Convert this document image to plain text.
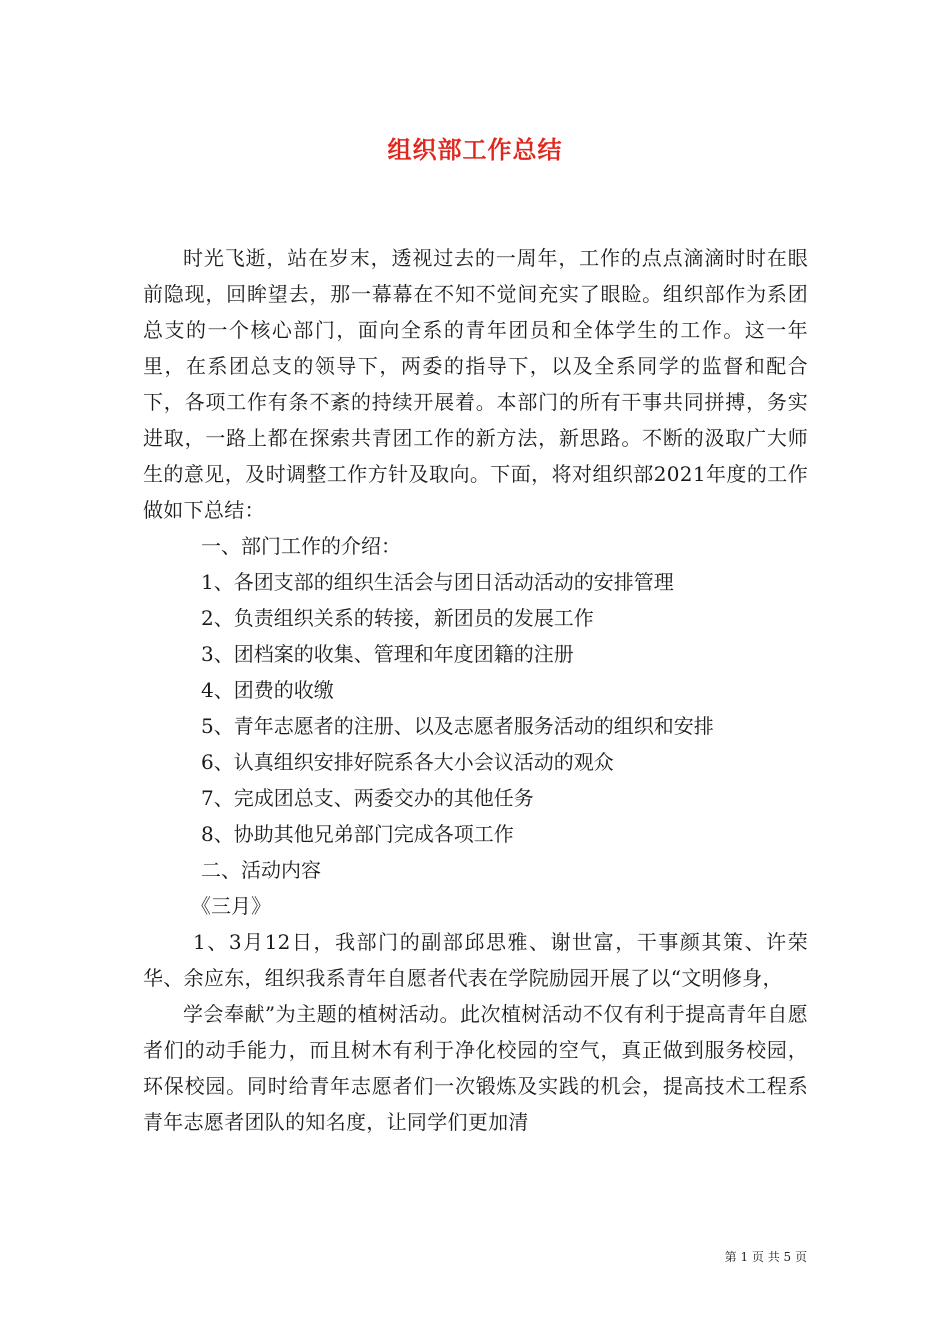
组织部工作总结

时光飞逝，站在岁末，透视过去的一周年，工作的点点滴滴时时在眼前隐现，回眸望去，那一幕幕在不知不觉间充实了眼睑。组织部作为系团总支的一个核心部门，面向全系的青年团员和全体学生的工作。这一年里，在系团总支的领导下，两委的指导下，以及全系同学的监督和配合下，各项工作有条不紊的持续开展着。本部门的所有干事共同拼搏，务实进取，一路上都在探索共青团工作的新方法，新思路。不断的汲取广大师生的意见，及时调整工作方针及取向。下面，将对组织部2021年度的工作做如下总结：

一、部门工作的介绍：

1、各团支部的组织生活会与团日活动活动的安排管理

2、负责组织关系的转接，新团员的发展工作

3、团档案的收集、管理和年度团籍的注册

4、团费的收缴

5、青年志愿者的注册、以及志愿者服务活动的组织和安排

6、认真组织安排好院系各大小会议活动的观众

7、完成团总支、两委交办的其他任务

8、协助其他兄弟部门完成各项工作

二、活动内容

《三月》

1、3月12日，我部门的副部邱思雅、谢世富，干事颜其策、许荣华、余应东，组织我系青年自愿者代表在学院励园开展了以“文明修身，

学会奉献”为主题的植树活动。此次植树活动不仅有利于提高青年自愿者们的动手能力，而且树木有利于净化校园的空气，真正做到服务校园，环保校园。同时给青年志愿者们一次锻炼及实践的机会，提高技术工程系青年志愿者团队的知名度，让同学们更加清

第 1 页 共 5 页
